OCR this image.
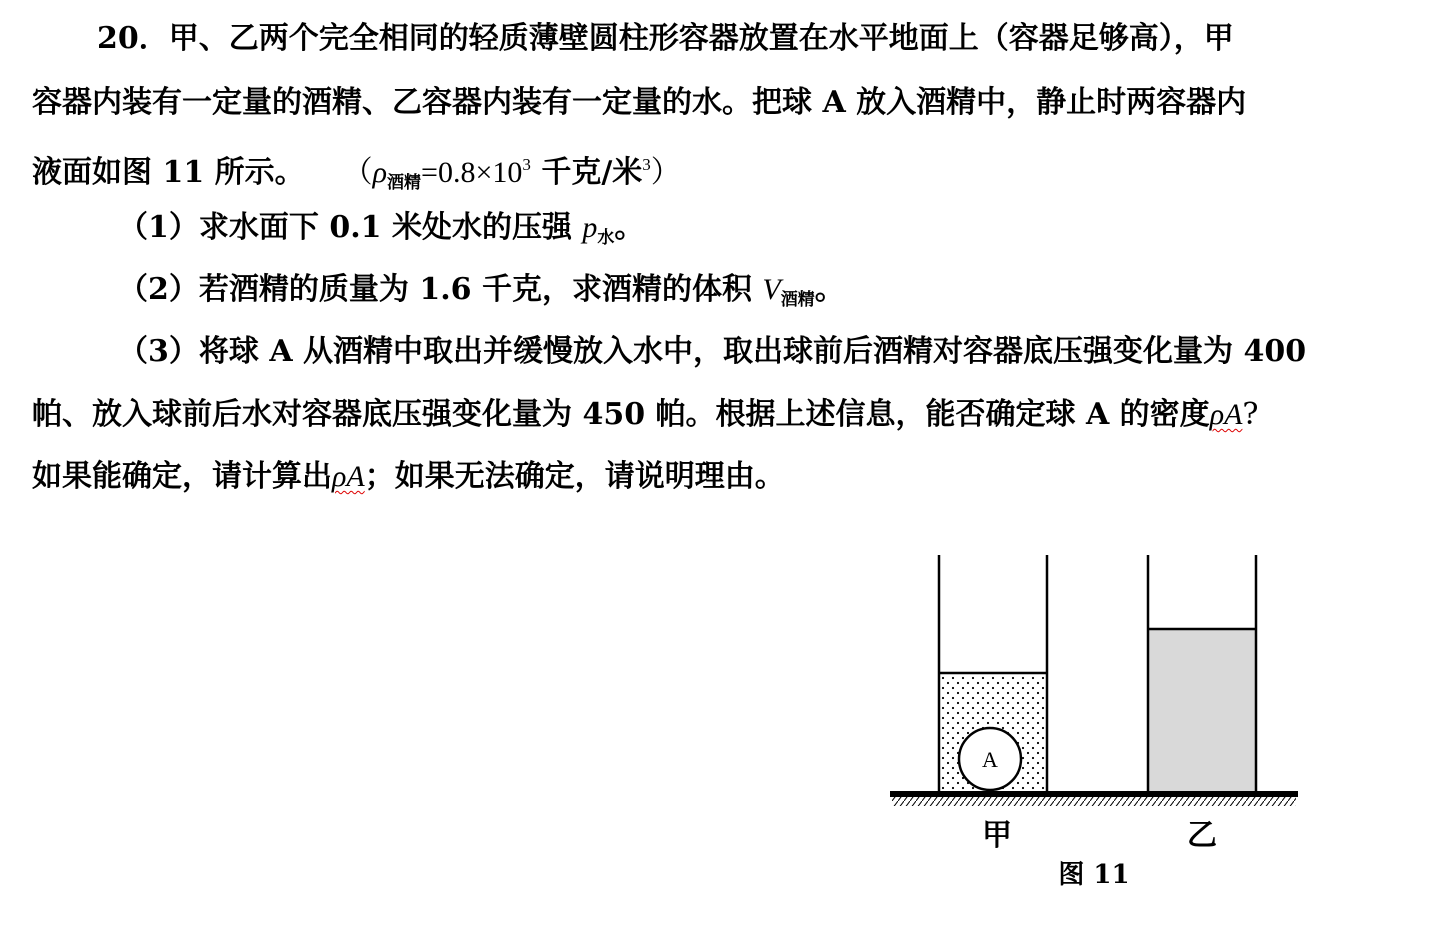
20．甲、乙两个完全相同的轻质薄壁圆柱形容器放置在水平地面上（容器足够高），甲
容器内装有一定量的酒精、乙容器内装有一定量的水。把球 A 放入酒精中，静止时两容器内
液面如图 11 所示。 （$\rho_{酒精}=0.8\times 10^3$ 千克/米$^3$）
（1）求水面下 0.1 米处水的压强 $p_水$。
（2）若酒精的质量为 1.6 千克，求酒精的体积 $V_{酒精}$。
（3）将球 A 从酒精中取出并缓慢放入水中，取出球前后酒精对容器底压强变化量为 400
帕、放入球前后水对容器底压强变化量为 450 帕。根据上述信息，能否确定球 A 的密度ρA?
如果能确定，请计算出ρA；如果无法确定，请说明理由。
A
甲	乙
图 11
